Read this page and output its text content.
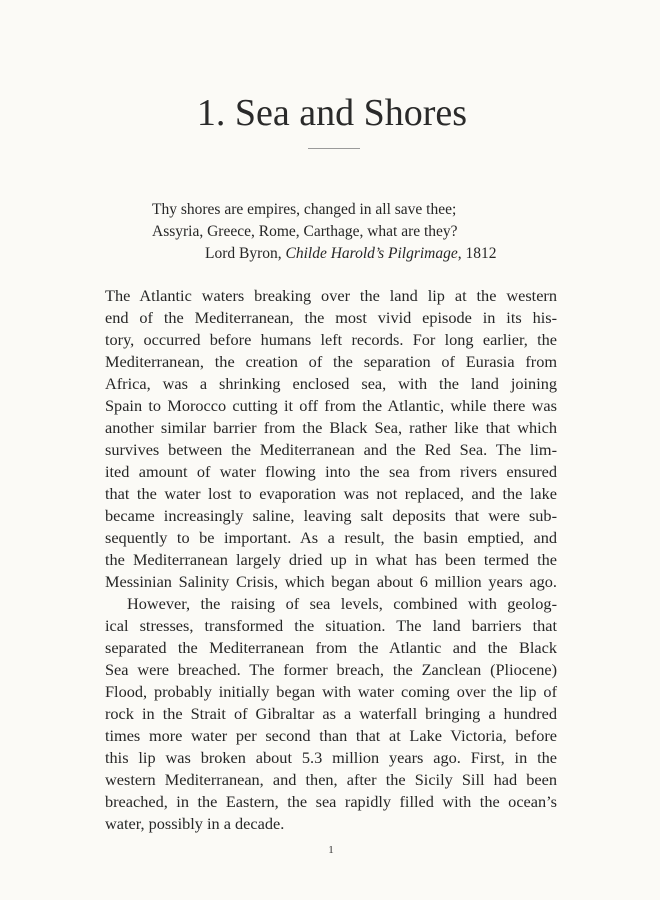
1. Sea and Shores
Thy shores are empires, changed in all save thee;
Assyria, Greece, Rome, Carthage, what are they?
Lord Byron, Childe Harold’s Pilgrimage, 1812
The Atlantic waters breaking over the land lip at the western
end of the Mediterranean, the most vivid episode in its his-
tory, occurred before humans left records. For long earlier, the
Mediterranean, the creation of the separation of Eurasia from
Africa, was a shrinking enclosed sea, with the land joining
Spain to Morocco cutting it off from the Atlantic, while there was
another similar barrier from the Black Sea, rather like that which
survives between the Mediterranean and the Red Sea. The lim-
ited amount of water flowing into the sea from rivers ensured
that the water lost to evaporation was not replaced, and the lake
became increasingly saline, leaving salt deposits that were sub-
sequently to be important. As a result, the basin emptied, and
the Mediterranean largely dried up in what has been termed the
Messinian Salinity Crisis, which began about 6 million years ago.
However, the raising of sea levels, combined with geolog-
ical stresses, transformed the situation. The land barriers that
separated the Mediterranean from the Atlantic and the Black
Sea were breached. The former breach, the Zanclean (Pliocene)
Flood, probably initially began with water coming over the lip of
rock in the Strait of Gibraltar as a waterfall bringing a hundred
times more water per second than that at Lake Victoria, before
this lip was broken about 5.3 million years ago. First, in the
western Mediterranean, and then, after the Sicily Sill had been
breached, in the Eastern, the sea rapidly filled with the ocean’s
water, possibly in a decade.
1
